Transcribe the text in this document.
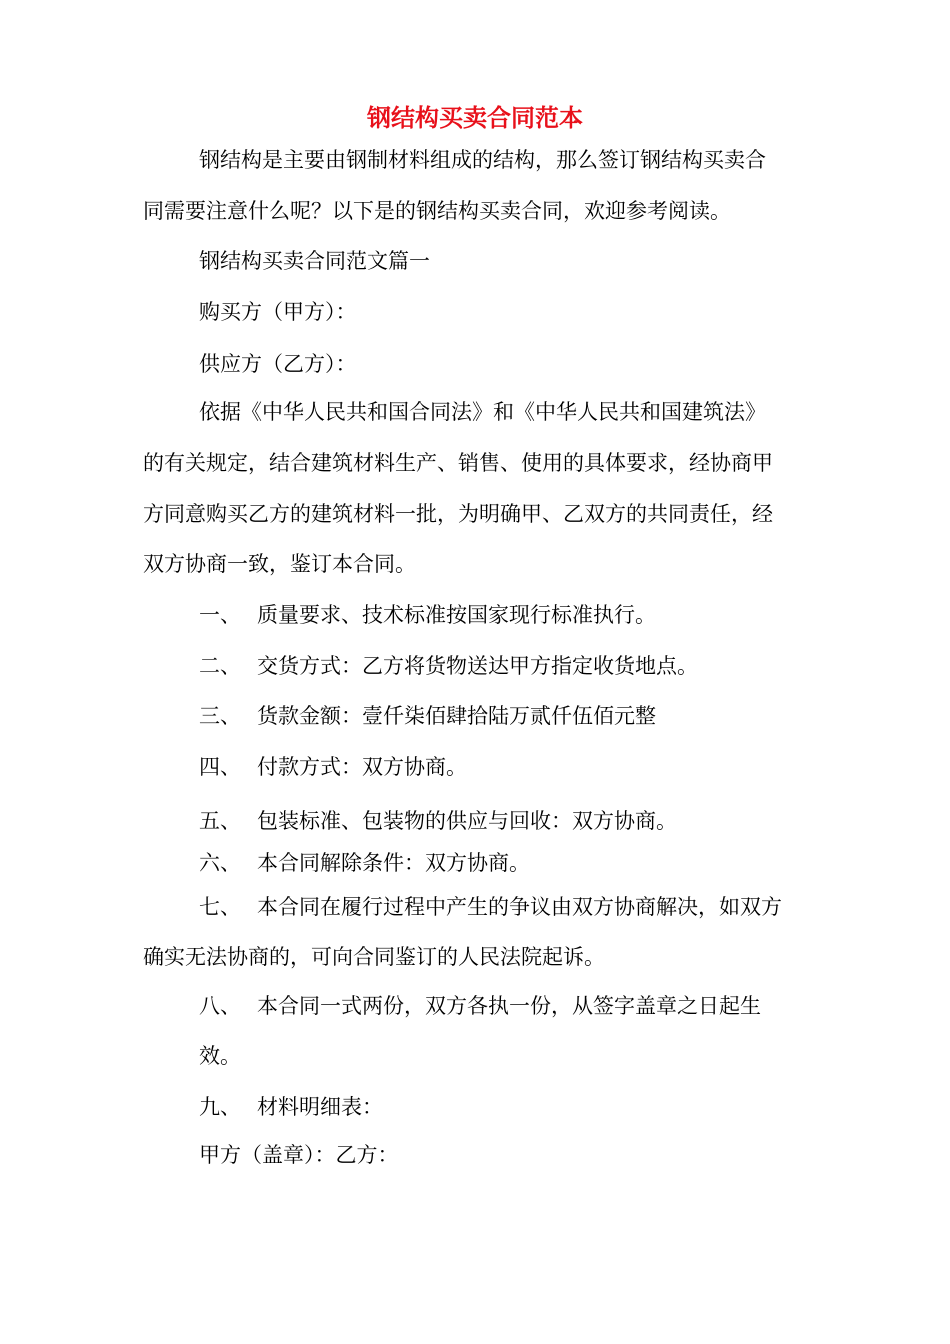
钢结构买卖合同范本

钢结构是主要由钢制材料组成的结构，那么签订钢结构买卖合

同需要注意什么呢？以下是的钢结构买卖合同，欢迎参考阅读。

钢结构买卖合同范文篇一

购买方（甲方）：

供应方（乙方）：

依据《中华人民共和国合同法》和《中华人民共和国建筑法》

的有关规定，结合建筑材料生产、销售、使用的具体要求，经协商甲

方同意购买乙方的建筑材料一批，为明确甲、乙双方的共同责任，经

双方协商一致，鉴订本合同。

一、 质量要求、技术标准按国家现行标准执行。

二、 交货方式：乙方将货物送达甲方指定收货地点。

三、 货款金额：壹仟柒佰肆拾陆万贰仟伍佰元整

四、 付款方式：双方协商。

五、 包装标准、包装物的供应与回收：双方协商。

六、 本合同解除条件：双方协商。

七、 本合同在履行过程中产生的争议由双方协商解决，如双方

确实无法协商的，可向合同鉴订的人民法院起诉。

八、 本合同一式两份，双方各执一份，从签字盖章之日起生

效。

九、 材料明细表：

甲方（盖章）：乙方：
